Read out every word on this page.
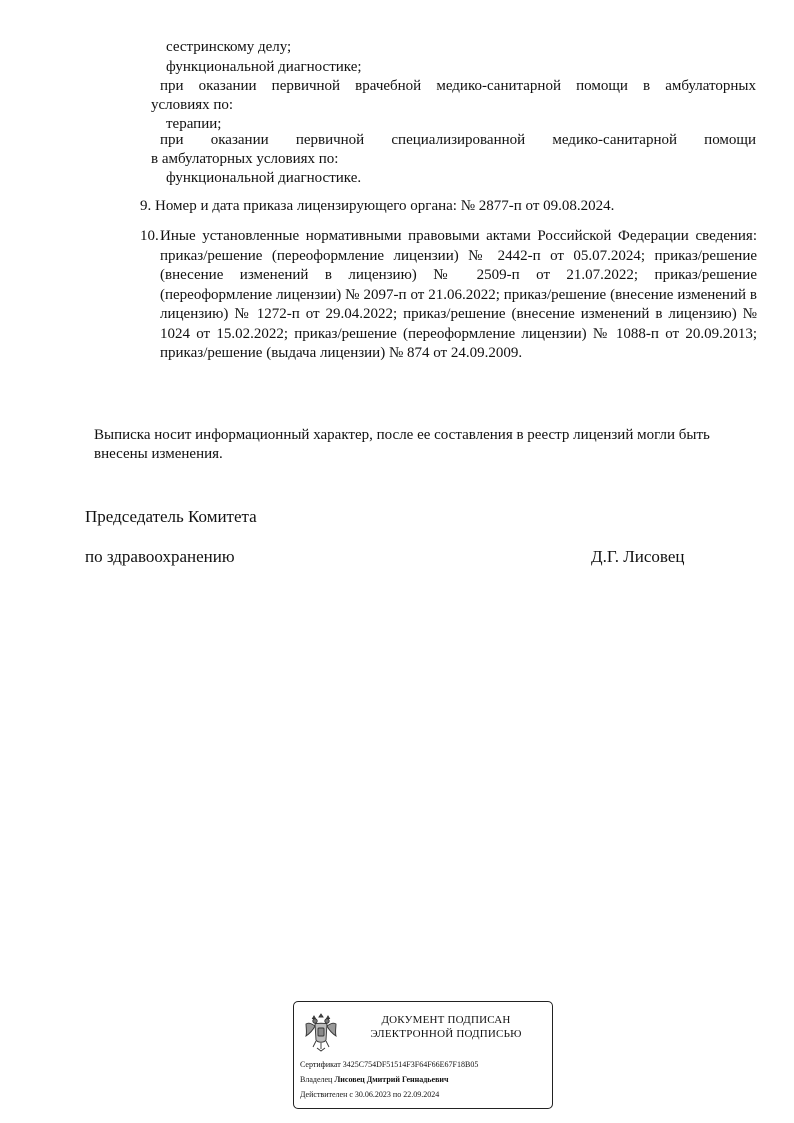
сестринскому делу;
функциональной диагностике;
при оказании первичной врачебной медико-санитарной помощи в амбулаторных
условиях по:
терапии;
при оказании первичной специализированной медико-санитарной помощи
в амбулаторных условиях по:
функциональной диагностике.
9. Номер и дата приказа лицензирующего органа: № 2877-п от 09.08.2024.
10. Иные установленные нормативными правовыми актами Российской Федерации сведения: приказ/решение (переоформление лицензии) № 2442-п от 05.07.2024; приказ/решение (внесение изменений в лицензию) № 2509-п от 21.07.2022; приказ/решение (переоформление лицензии) № 2097-п от 21.06.2022; приказ/решение (внесение изменений в лицензию) № 1272-п от 29.04.2022; приказ/решение (внесение изменений в лицензию) № 1024 от 15.02.2022; приказ/решение (переоформление лицензии) № 1088-п от 20.09.2013; приказ/решение (выдача лицензии) № 874 от 24.09.2009.
Выписка носит информационный характер, после ее составления в реестр лицензий могли быть внесены изменения.
Председатель Комитета
по здравоохранению	Д.Г. Лисовец
ДОКУМЕНТ ПОДПИСАН
ЭЛЕКТРОННОЙ ПОДПИСЬЮ
Сертификат 3425C754DF51514F3F64F66E67F18B05
Владелец Лисовец Дмитрий Геннадьевич
Действителен с 30.06.2023 по 22.09.2024
